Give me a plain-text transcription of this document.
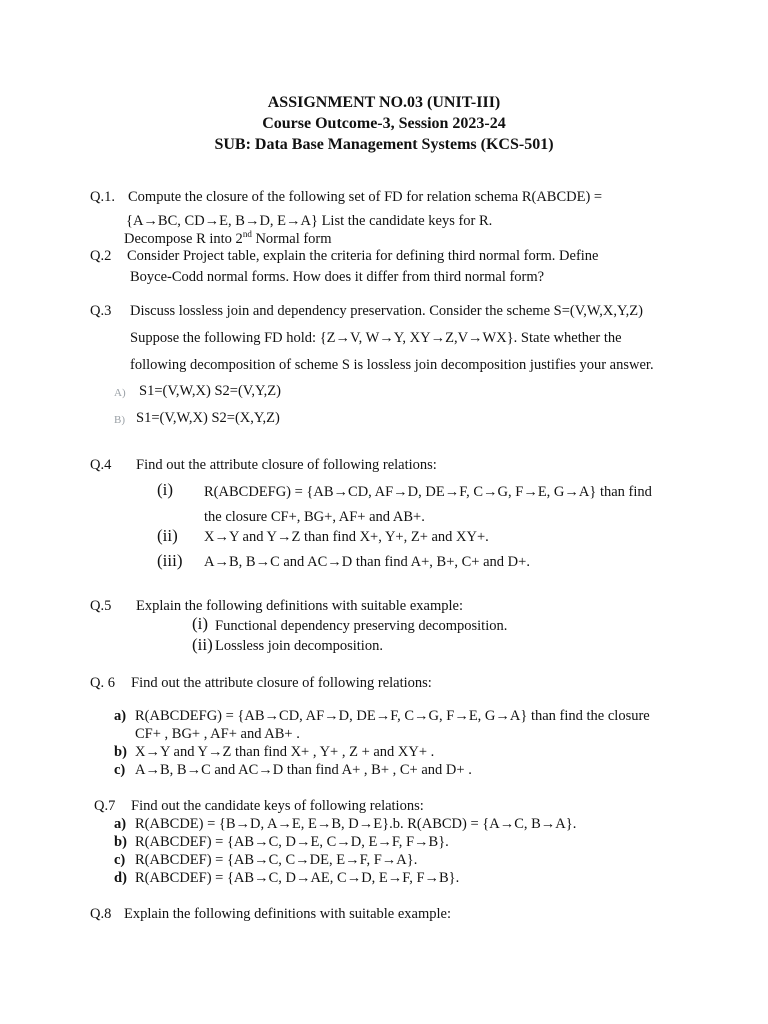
ASSIGNMENT NO.03 (UNIT-III)
Course Outcome-3, Session 2023-24
SUB: Data Base Management Systems (KCS-501)
Q.1. Compute the closure of the following set of FD for relation schema R(ABCDE) =
{A→BC, CD→E, B→D, E→A} List the candidate keys for R.
Decompose R into 2nd Normal form
Q.2 Consider Project table, explain the criteria for defining third normal form. Define
Boyce-Codd normal forms. How does it differ from third normal form?
Q.3 Discuss lossless join and dependency preservation. Consider the scheme S=(V,W,X,Y,Z)
Suppose the following FD hold: {Z→V, W→Y, XY→Z,V→WX}. State whether the
following decomposition of scheme S is lossless join decomposition justifies your answer.
A) S1=(V,W,X) S2=(V,Y,Z)
B) S1=(V,W,X) S2=(X,Y,Z)
Q.4 Find out the attribute closure of following relations:
(i) R(ABCDEFG) = {AB→CD, AF→D, DE→F, C→G, F→E, G→A} than find
the closure CF+, BG+, AF+ and AB+.
(ii) X→Y and Y→Z than find X+, Y+, Z+ and XY+.
(iii) A→B, B→C and AC→D than find A+, B+, C+ and D+.
Q.5 Explain the following definitions with suitable example:
(i) Functional dependency preserving decomposition.
(ii) Lossless join decomposition.
Q. 6 Find out the attribute closure of following relations:
a) R(ABCDEFG) = {AB→CD, AF→D, DE→F, C→G, F→E, G→A} than find the closure
CF+ , BG+ , AF+ and AB+ .
b) X→Y and Y→Z than find X+ , Y+ , Z + and XY+ .
c) A→B, B→C and AC→D than find A+ , B+ , C+ and D+ .
Q.7 Find out the candidate keys of following relations:
a) R(ABCDE) = {B→D, A→E, E→B, D→E}.b. R(ABCD) = {A→C, B→A}.
b) R(ABCDEF) = {AB→C, D→E, C→D, E→F, F→B}.
c) R(ABCDEF) = {AB→C, C→DE, E→F, F→A}.
d) R(ABCDEF) = {AB→C, D→AE, C→D, E→F, F→B}.
Q.8 Explain the following definitions with suitable example:
